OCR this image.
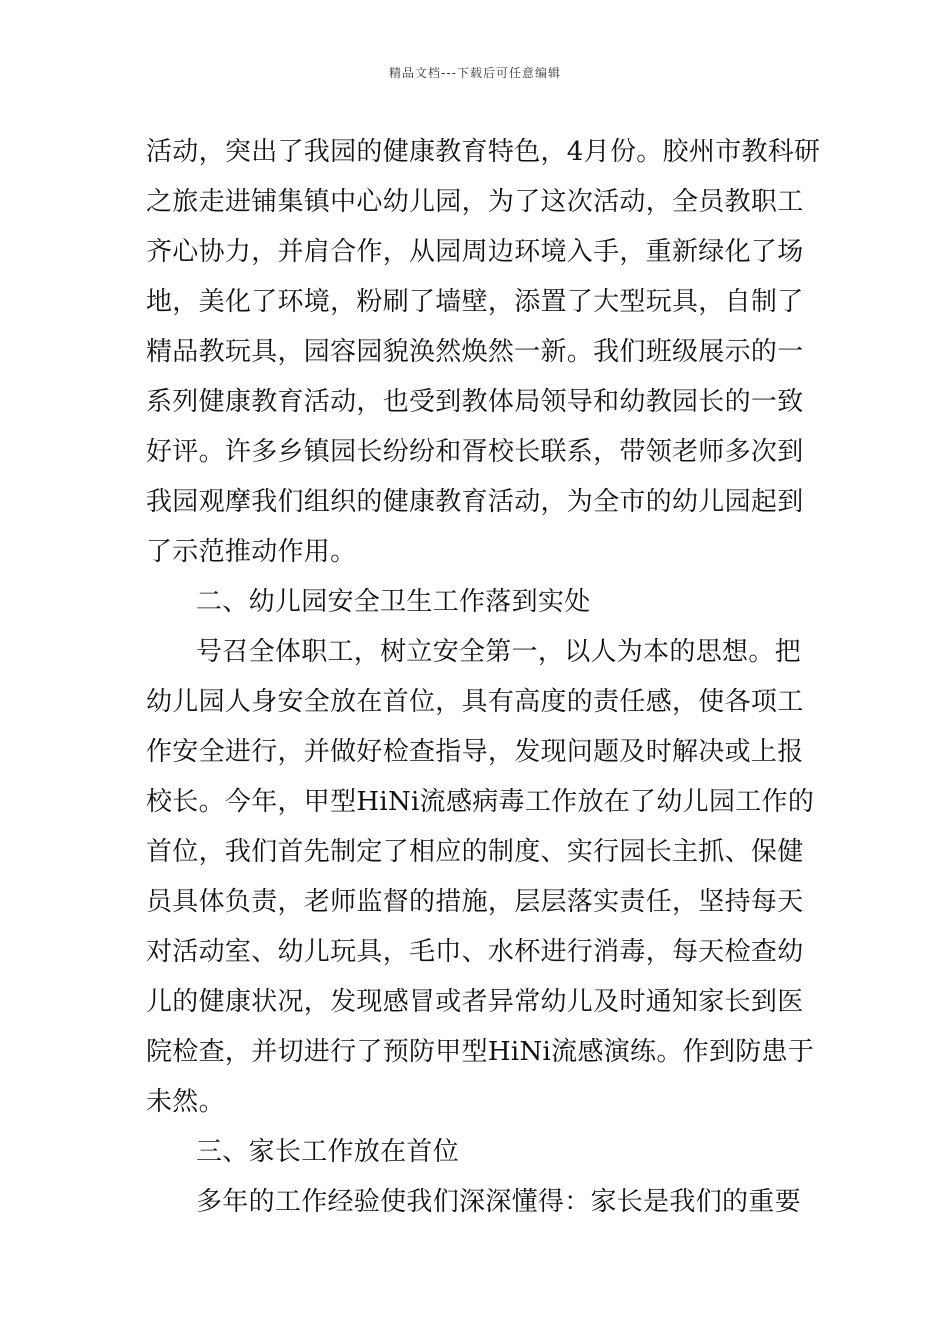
精品文档---下载后可任意编辑
活动，突出了我园的健康教育特色，4月份。胶州市教科研
之旅走进铺集镇中心幼儿园，为了这次活动，全员教职工
齐心协力，并肩合作，从园周边环境入手，重新绿化了场
地，美化了环境，粉刷了墙壁，添置了大型玩具，自制了
精品教玩具，园容园貌涣然焕然一新。我们班级展示的一
系列健康教育活动，也受到教体局领导和幼教园长的一致
好评。许多乡镇园长纷纷和胥校长联系，带领老师多次到
我园观摩我们组织的健康教育活动，为全市的幼儿园起到
了示范推动作用。
二、幼儿园安全卫生工作落到实处
号召全体职工，树立安全第一，以人为本的思想。把
幼儿园人身安全放在首位，具有高度的责任感，使各项工
作安全进行，并做好检查指导，发现问题及时解决或上报
校长。今年，甲型HiNi流感病毒工作放在了幼儿园工作的
首位，我们首先制定了相应的制度、实行园长主抓、保健
员具体负责，老师监督的措施，层层落实责任，坚持每天
对活动室、幼儿玩具，毛巾、水杯进行消毒，每天检查幼
儿的健康状况，发现感冒或者异常幼儿及时通知家长到医
院检查，并切进行了预防甲型HiNi流感演练。作到防患于
未然。
三、家长工作放在首位
多年的工作经验使我们深深懂得：家长是我们的重要
